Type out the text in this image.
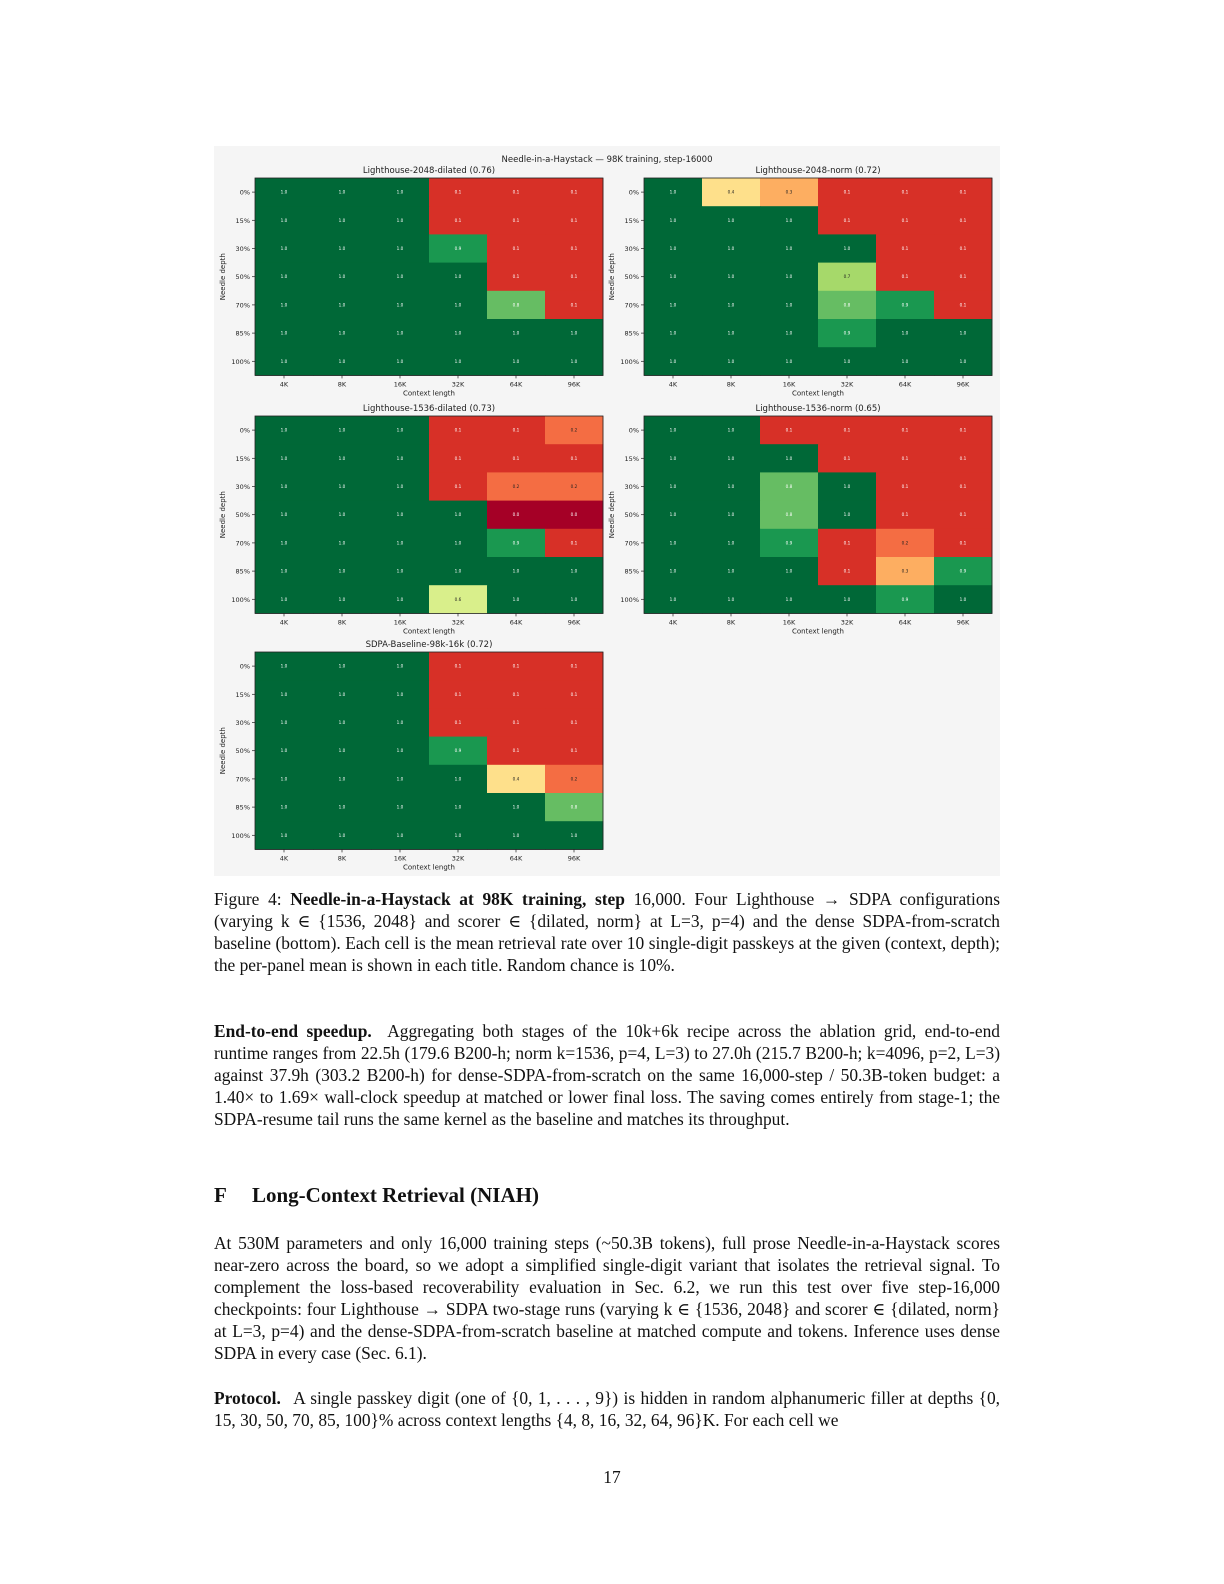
Needle-in-a-Haystack — 98K training, step-16000
Lighthouse-2048-dilated (0.76)
1.0	1.0	1.0	0.1	0.1	0.1
1.0	1.0	1.0	0.1	0.1	0.1
1.0	1.0	1.0	0.9	0.1	0.1
1.0	1.0	1.0	1.0	0.1	0.1
1.0	1.0	1.0	1.0	0.8	0.1
1.0	1.0	1.0	1.0	1.0	1.0
1.0	1.0	1.0	1.0	1.0	1.0
0%
15%
30%
50%
70%
85%
100%
4K	8K	16K	32K	64K	96K
Context length
Needle depth
Lighthouse-2048-norm (0.72)
1.0	0.4	0.3	0.1	0.1	0.1
1.0	1.0	1.0	0.1	0.1	0.1
1.0	1.0	1.0	1.0	0.1	0.1
1.0	1.0	1.0	0.7	0.1	0.1
1.0	1.0	1.0	0.8	0.9	0.1
1.0	1.0	1.0	0.9	1.0	1.0
1.0	1.0	1.0	1.0	1.0	1.0
0%
15%
30%
50%
70%
85%
100%
4K	8K	16K	32K	64K	96K
Context length
Needle depth
Lighthouse-1536-dilated (0.73)
1.0	1.0	1.0	0.1	0.1	0.2
1.0	1.0	1.0	0.1	0.1	0.1
1.0	1.0	1.0	0.1	0.2	0.2
1.0	1.0	1.0	1.0	0.0	0.0
1.0	1.0	1.0	1.0	0.9	0.1
1.0	1.0	1.0	1.0	1.0	1.0
1.0	1.0	1.0	0.6	1.0	1.0
0%
15%
30%
50%
70%
85%
100%
4K	8K	16K	32K	64K	96K
Context length
Needle depth
Lighthouse-1536-norm (0.65)
1.0	1.0	0.1	0.1	0.1	0.1
1.0	1.0	1.0	0.1	0.1	0.1
1.0	1.0	0.8	1.0	0.1	0.1
1.0	1.0	0.8	1.0	0.1	0.1
1.0	1.0	0.9	0.1	0.2	0.1
1.0	1.0	1.0	0.1	0.3	0.9
1.0	1.0	1.0	1.0	0.9	1.0
0%
15%
30%
50%
70%
85%
100%
4K	8K	16K	32K	64K	96K
Context length
Needle depth
SDPA-Baseline-98k-16k (0.72)
1.0	1.0	1.0	0.1	0.1	0.1
1.0	1.0	1.0	0.1	0.1	0.1
1.0	1.0	1.0	0.1	0.1	0.1
1.0	1.0	1.0	0.9	0.1	0.1
1.0	1.0	1.0	1.0	0.4	0.2
1.0	1.0	1.0	1.0	1.0	0.8
1.0	1.0	1.0	1.0	1.0	1.0
0%
15%
30%
50%
70%
85%
100%
4K	8K	16K	32K	64K	96K
Context length
Needle depth
Figure 4: Needle-in-a-Haystack at 98K training, step 16,000. Four Lighthouse → SDPA configurations (varying k ∈ {1536, 2048} and scorer ∈ {dilated, norm} at L=3, p=4) and the dense SDPA-from-scratch baseline (bottom). Each cell is the mean retrieval rate over 10 single-digit passkeys at the given (context, depth); the per-panel mean is shown in each title. Random chance is 10%.

End-to-end speedup. Aggregating both stages of the 10k+6k recipe across the ablation grid, end-to-end runtime ranges from 22.5h (179.6 B200-h; norm k=1536, p=4, L=3) to 27.0h (215.7 B200-h; k=4096, p=2, L=3) against 37.9h (303.2 B200-h) for dense-SDPA-from-scratch on the same 16,000-step / 50.3B-token budget: a 1.40× to 1.69× wall-clock speedup at matched or lower final loss. The saving comes entirely from stage-1; the SDPA-resume tail runs the same kernel as the baseline and matches its throughput.

F Long-Context Retrieval (NIAH)

At 530M parameters and only 16,000 training steps (~50.3B tokens), full prose Needle-in-a-Haystack scores near-zero across the board, so we adopt a simplified single-digit variant that isolates the retrieval signal. To complement the loss-based recoverability evaluation in Sec. 6.2, we run this test over five step-16,000 checkpoints: four Lighthouse → SDPA two-stage runs (varying k ∈ {1536, 2048} and scorer ∈ {dilated, norm} at L=3, p=4) and the dense-SDPA-from-scratch baseline at matched compute and tokens. Inference uses dense SDPA in every case (Sec. 6.1).

Protocol. A single passkey digit (one of {0, 1, . . . , 9}) is hidden in random alphanumeric filler at depths {0, 15, 30, 50, 70, 85, 100}% across context lengths {4, 8, 16, 32, 64, 96}K. For each cell we

17
